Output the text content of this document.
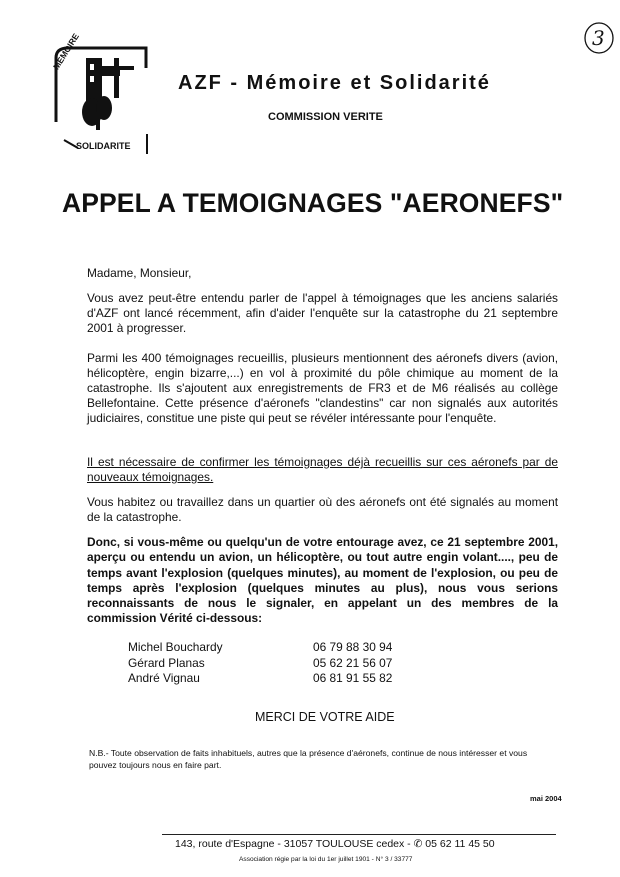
MÉMOIRE
SOLIDARITE
AZF - Mémoire et Solidarité
COMMISSION VERITE
3
APPEL A TEMOIGNAGES "AERONEFS"
Madame, Monsieur,
Vous avez peut-être entendu parler de l'appel à témoignages que les anciens salariés d'AZF ont lancé récemment, afin d'aider l'enquête sur la catastrophe du 21 septembre 2001 à progresser.
Parmi les 400 témoignages recueillis, plusieurs mentionnent des aéronefs divers (avion, hélicoptère, engin bizarre,...) en vol à proximité du pôle chimique au moment de la catastrophe. Ils s'ajoutent aux enregistrements de FR3 et de M6 réalisés au collège Bellefontaine. Cette présence d'aéronefs "clandestins" car non signalés aux autorités judiciaires, constitue une piste qui peut se révéler intéressante pour l'enquête.
Il est nécessaire de confirmer les témoignages déjà recueillis sur ces aéronefs par de nouveaux témoignages.
Vous habitez ou travaillez dans un quartier où des aéronefs ont été signalés au moment de la catastrophe.
Donc, si vous-même ou quelqu'un de votre entourage avez, ce 21 septembre 2001, aperçu ou entendu un avion, un hélicoptère, ou tout autre engin volant...., peu de temps avant l'explosion (quelques minutes), au moment de l'explosion, ou peu de temps après l'explosion (quelques minutes au plus), nous vous serions reconnaissants de nous le signaler, en appelant un des membres de la commission Vérité ci-dessous:
Michel Bouchardy	06 79 88 30 94
Gérard Planas	05 62 21 56 07
André Vignau	06 81 91 55 82
MERCI DE VOTRE AIDE
N.B.- Toute observation de faits inhabituels, autres que la présence d'aéronefs, continue de nous intéresser et vous pouvez toujours nous en faire part.
mai 2004
143, route d'Espagne - 31057 TOULOUSE cedex - ✆ 05 62 11 45 50
Association régie par la loi du 1er juillet 1901 - N° 3 / 33777
